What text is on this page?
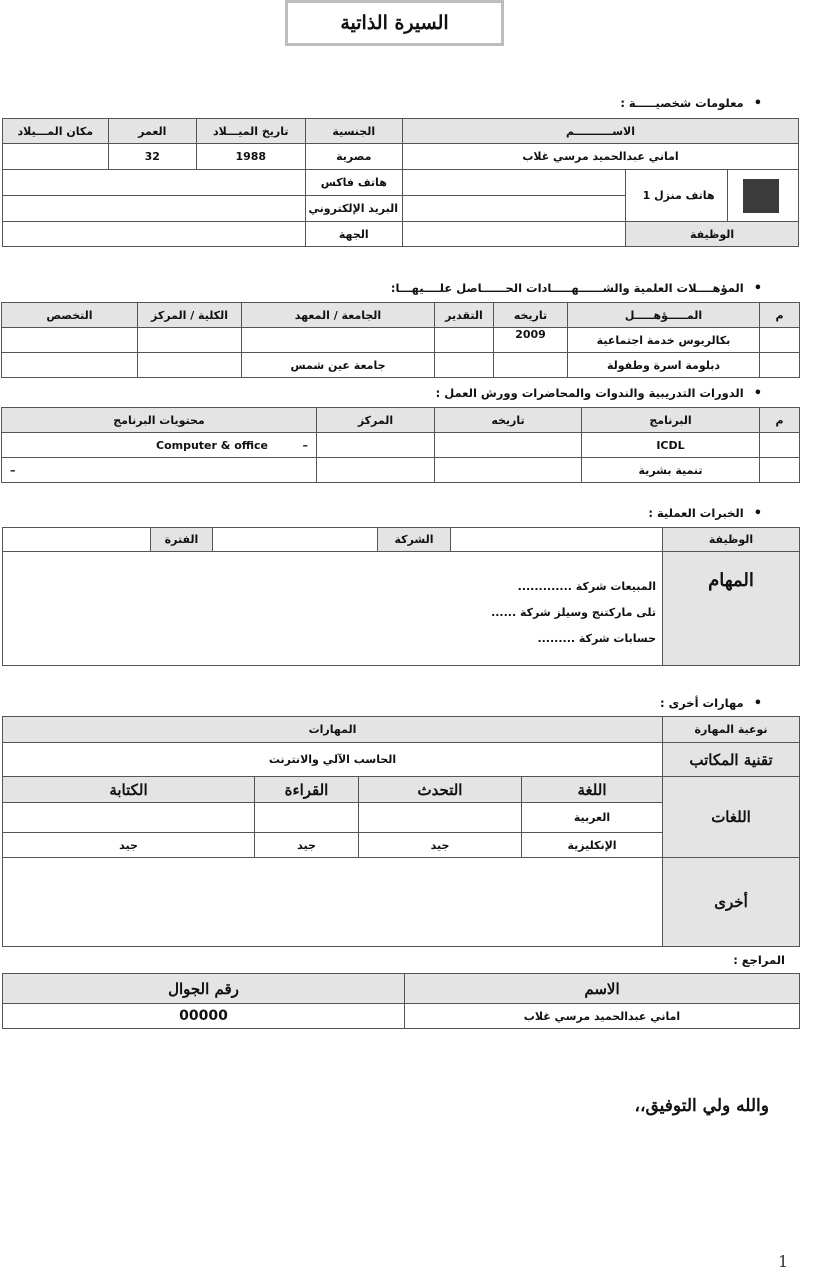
السيرة الذاتية
•معلومات شخصيـــــة :
الاســــــــــم		الجنسية	تاريخ الميـــلاد	العمر	مكان المـــيلاد
اماني عبدالحميد مرسي غلاب		مصرية	1988	32	

هاتف منزل 1		هاتف فاكس			
		البريد الإلكتروني			
الوظيفة		الجهة			
•المؤهــــلات العلمية والشــــــهـــــادات الحــــــاصل علــــيهـــا:
م	المـــــؤهـــــل	تاريخه	التقدير	الجامعة / المعهد	الكلية / المركز	التخصص
	بكالريوس خدمة اجتماعية	2009				
	دبلومة اسرة وطفولة			جامعة عين شمس		
•الدورات التدريبية والندوات والمحاضرات وورش العمل :
م	البرنامج	تاريخه	المركز	محتويات البرنامج
	ICDL			Computer & office –

	تنمية بشرية			–
•الخبرات العملية :
الوظيفة		الشركة		الفترة	
المهام	المبيعات شركة .............
تلى ماركتنج وسيلز شركة ......
حسابات شركة .........				
•مهارات أخرى :
نوعية المهارة	المهارات			
تقنية المكاتب	الحاسب الآلي والانترنت			
اللغات	اللغة	التحدث	القراءة	الكتابة
	العربية			
	الإنكليزية	جيد	جيد	جيد
أخرى				
المراجع :
الاسم	رقم الجوال
اماني عبدالحميد مرسي غلاب	00000
والله ولي التوفيق،،
1
